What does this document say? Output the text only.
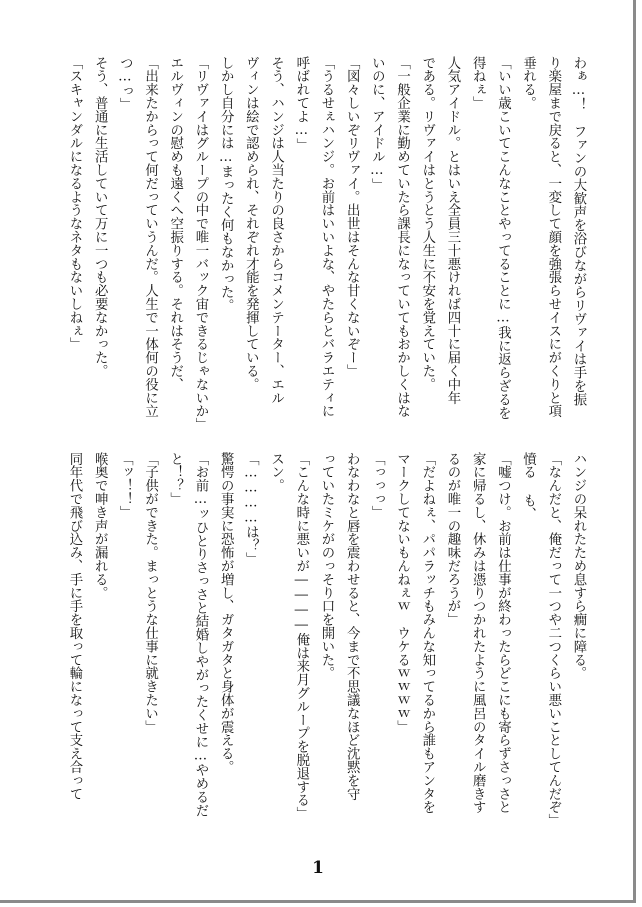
わぁ…！　ファンの大歓声を浴びながらリヴァイは手を振

り楽屋まで戻ると、一変して顔を強張らせイスにがくりと項

垂れる。

「いい歳こいてこんなことやってることに…我に返らざるを

得ねぇ」

人気アイドル。とはいえ全員三十悪ければ四十に届く中年

である。リヴァイはとうとう人生に不安を覚えていた。

「一般企業に勤めていたら課長になっていてもおかしくはな

いのに、アイドル…」

「図々しいぞリヴァイ。出世はそんな甘くないぞー」

「うるせぇハンジ。お前はいいよな、やたらとバラエティに

呼ばれてよ…」

そう、ハンジは人当たりの良さからコメンテーター、エル

ヴィンは絵で認められ、それぞれ才能を発揮している。

しかし自分には…まったく何もなかった。

「リヴァイはグループの中で唯一バック宙できるじゃないか」

エルヴィンの慰めも遠くへ空振りする。それはそうだ、

「出来たからって何だっていうんだ。人生で一体何の役に立

つ…っ」

そう、普通に生活していて万に一つも必要なかった。

「スキャンダルになるようなネタもないしねぇ」

ハンジの呆れたため息すら癇に障る。

「なんだと、俺だって一つや二つくらい悪いことしてんだぞ」

憤る も、

「嘘つけ。お前は仕事が終わったらどこにも寄らずさっさと

家に帰るし、休みは憑りつかれたように風呂のタイル磨きす

るのが唯一の趣味だろうが」

「だよねぇ、パパラッチもみんな知ってるから誰もアンタを

マークしてないもんねぇｗ　ウケるｗｗｗｗ」

「っっっ」

わなわなと唇を震わせると、今まで不思議なほど沈黙を守

っていたミケがのっそり口を開いた。

「こんな時に悪いが――――俺は来月グループを脱退する」

スン。

「…………は？」

驚愕の事実に恐怖が増し、ガタガタと身体が震える。

「お前…ッひとりさっさと結婚しやがったくせに…やめるだ

と！？」

「子供ができた。まっとうな仕事に就きたい」

「ッ！！」

喉奥で呻き声が漏れる。

同年代で飛び込み、手に手を取って輪になって支え合って

1
